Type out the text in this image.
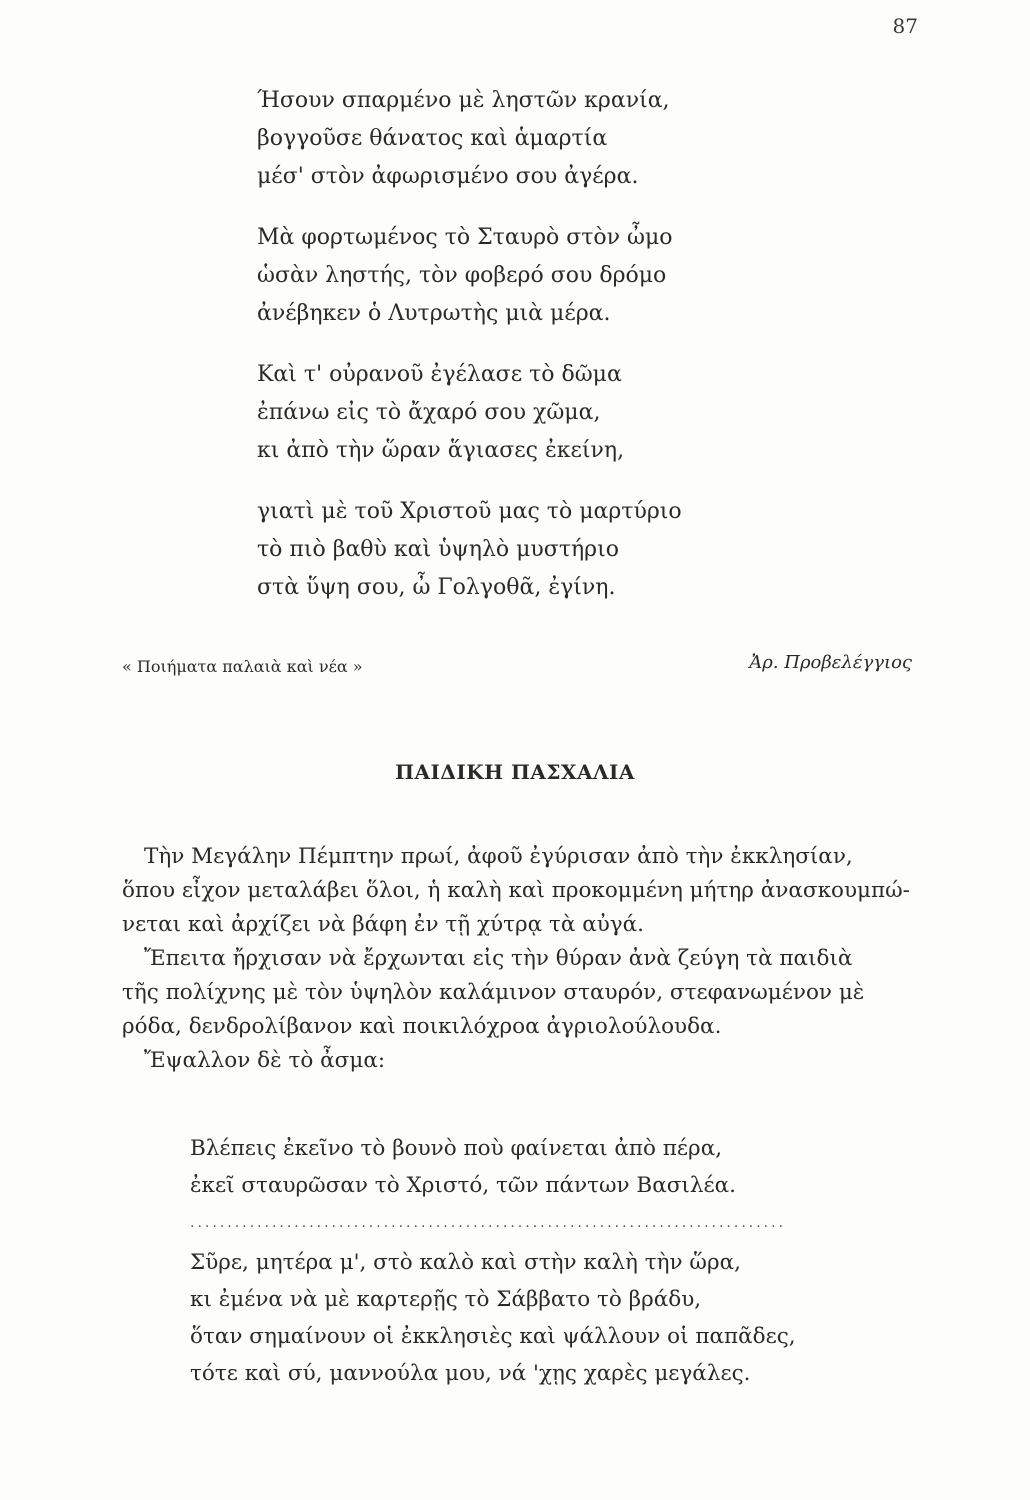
87
Ήσουν σπαρμένο μὲ ληστῶν κρανία,
βογγοῦσε θάνατος καὶ ἁμαρτία
μέσ' στὸν ἀφωρισμένο σου ἀγέρα.
Μὰ φορτωμένος τὸ Σταυρὸ στὸν ὦμο
ὡσὰν ληστής, τὸν φοβερό σου δρόμο
ἀνέβηκεν ὁ Λυτρωτὴς μιὰ μέρα.
Καὶ τ' οὐρανοῦ ἐγέλασε τὸ δῶμα
ἐπάνω εἰς τὸ ἄχαρό σου χῶμα,
κι ἀπὸ τὴν ὥραν ἅγιασες ἐκείνη,
γιατὶ μὲ τοῦ Χριστοῦ μας τὸ μαρτύριο
τὸ πιὸ βαθὺ καὶ ὑψηλὸ μυστήριο
στὰ ὕψη σου, ὦ Γολγοθᾶ, ἐγίνη.
« Ποιήματα παλαιὰ καὶ νέα »	Ἀρ. Προβελέγγιος
ΠΑΙΔΙΚΗ ΠΑΣΧΑΛΙΑ
Τὴν Μεγάλην Πέμπτην πρωί, ἀφοῦ ἐγύρισαν ἀπὸ τὴν ἐκκλησίαν,
ὅπου εἶχον μεταλάβει ὅλοι, ἡ καλὴ καὶ προκομμένη μήτηρ ἀνασκουμπώ-
νεται καὶ ἀρχίζει νὰ βάφη ἐν τῇ χύτρᾳ τὰ αὐγά.
Ἔπειτα ἤρχισαν νὰ ἔρχωνται εἰς τὴν θύραν ἀνὰ ζεύγη τὰ παιδιὰ
τῆς πολίχνης μὲ τὸν ὑψηλὸν καλάμινον σταυρόν, στεφανωμένον μὲ
ρόδα, δενδρολίβανον καὶ ποικιλόχροα ἀγριολούλουδα.
Ἔψαλλον δὲ τὸ ἆσμα:
Βλέπεις ἐκεῖνο τὸ βουνὸ ποὺ φαίνεται ἀπὸ πέρα,
ἐκεῖ σταυρῶσαν τὸ Χριστό, τῶν πάντων Βασιλέα.
................................................................................
Σῦρε, μητέρα μ', στὸ καλὸ καὶ στὴν καλὴ τὴν ὥρα,
κι ἐμένα νὰ μὲ καρτερῇς τὸ Σάββατο τὸ βράδυ,
ὅταν σημαίνουν οἱ ἐκκλησιὲς καὶ ψάλλουν οἱ παπᾶδες,
τότε καὶ σύ, μαννούλα μου, νά 'χῃς χαρὲς μεγάλες.
